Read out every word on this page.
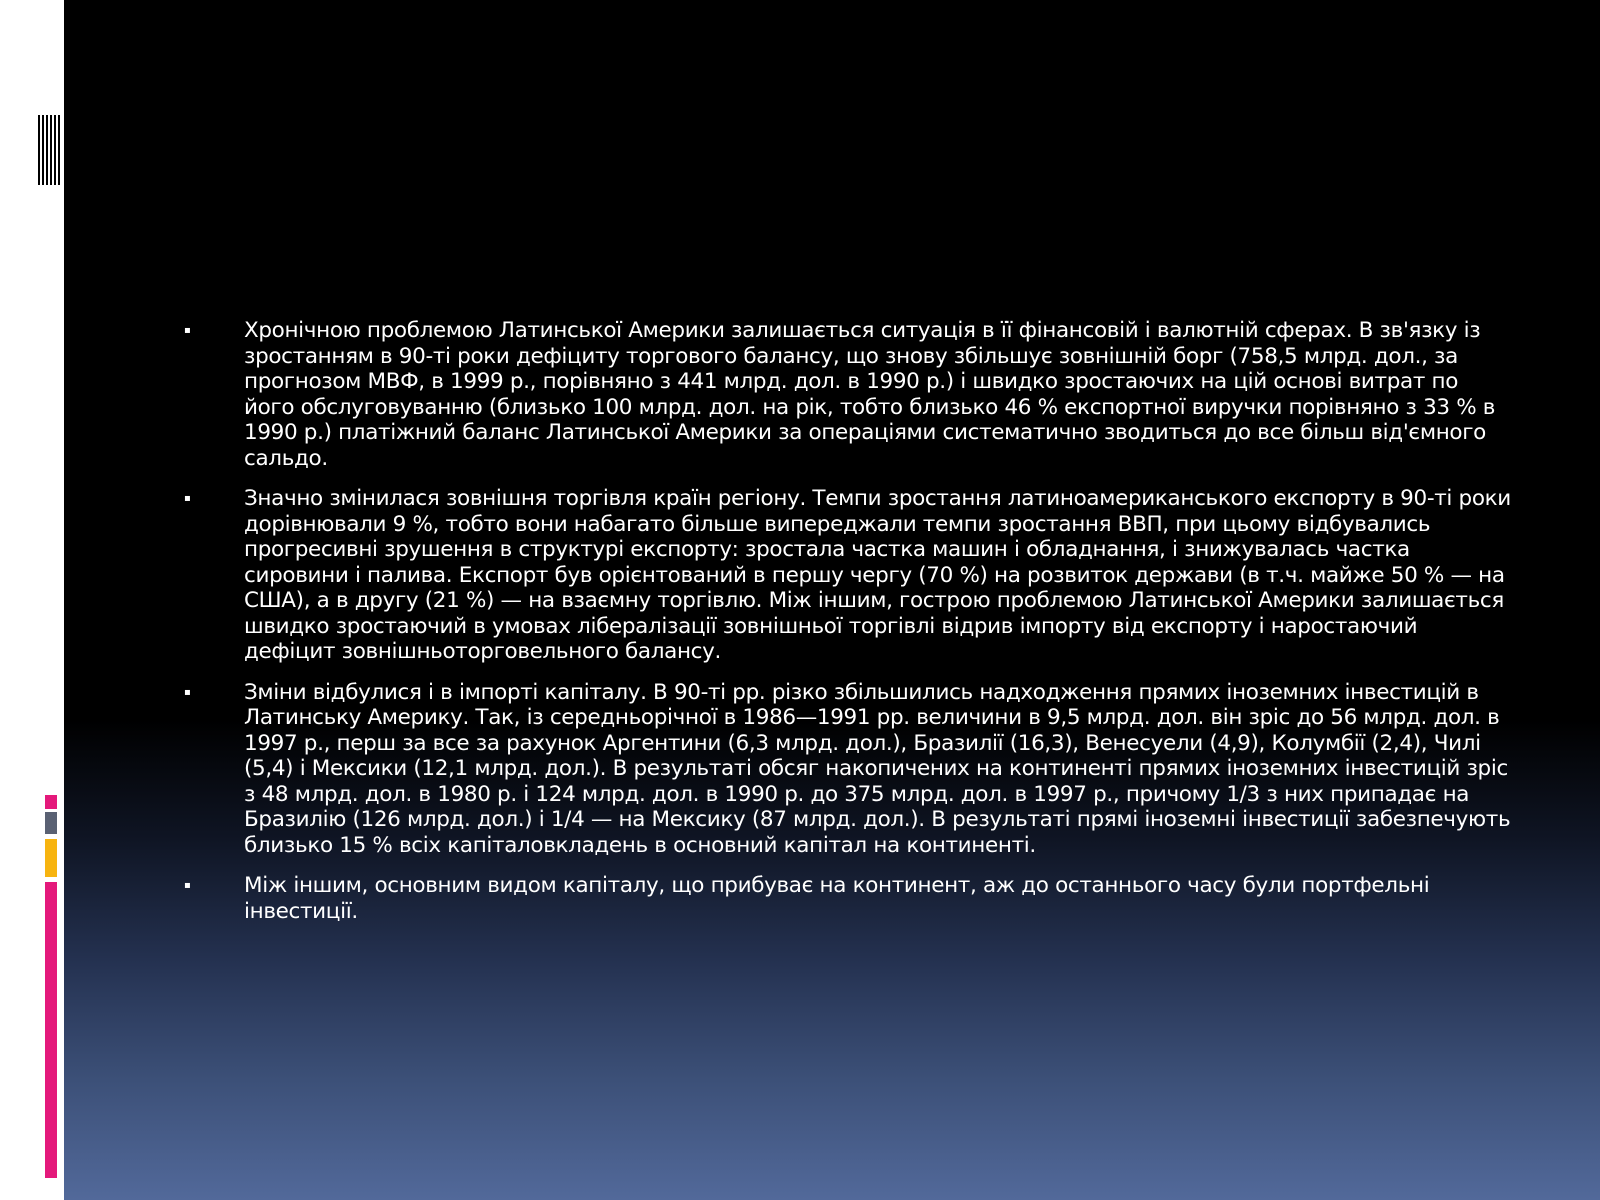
▪	Хронічною проблемою Латинської Америки залишається ситуація в її фінансовій і валютній сферах. В зв'язку із зростанням в 90-ті роки дефіциту торгового балансу, що знову збільшує зовнішній борг (758,5 млрд. дол., за прогнозом МВФ, в 1999 р., порівняно з 441 млрд. дол. в 1990 р.) і швидко зростаючих на цій основі витрат по його обслуговуванню (близько 100 млрд. дол. на рік, тобто близько 46 % експортної виручки порівняно з 33 % в 1990 р.) платіжний баланс Латинської Америки за операціями систематично зводиться до все більш від'ємного сальдо.
▪	Значно змінилася зовнішня торгівля країн регіону. Темпи зростання латиноамериканського експорту в 90-ті роки дорівнювали 9 %, тобто вони набагато більше випереджали темпи зростання ВВП, при цьому відбувались прогресивні зрушення в структурі експорту: зростала частка машин і обладнання, і знижувалась частка сировини і палива. Експорт був орієнтований в першу чергу (70 %) на розвиток держави (в т.ч. майже 50 % — на США), а в другу (21 %) — на взаємну торгівлю. Між іншим, гострою проблемою Латинської Америки залишається швидко зростаючий в умовах лібералізації зовнішньої торгівлі відрив імпорту від експорту і наростаючий дефіцит зовнішньоторговельного балансу.
▪	Зміни відбулися і в імпорті капіталу. В 90-ті рр. різко збільшились надходження прямих іноземних інвестицій в Латинську Америку. Так, із середньорічної в 1986—1991 рр. величини в 9,5 млрд. дол. він зріс до 56 млрд. дол. в 1997 р., перш за все за рахунок Аргентини (6,3 млрд. дол.), Бразилії (16,3), Венесуели (4,9), Колумбії (2,4), Чилі (5,4) і Мексики (12,1 млрд. дол.). В результаті обсяг накопичених на континенті прямих іноземних інвестицій зріс з 48 млрд. дол. в 1980 р. і 124 млрд. дол. в 1990 р. до 375 млрд. дол. в 1997 р., причому 1/3 з них припадає на Бразилію (126 млрд. дол.) і 1/4 — на Мексику (87 млрд. дол.). В результаті прямі іноземні інвестиції забезпечують близько 15 % всіх капіталовкладень в основний капітал на континенті.
▪	Між іншим, основним видом капіталу, що прибуває на континент, аж до останнього часу були портфельні інвестиції.
